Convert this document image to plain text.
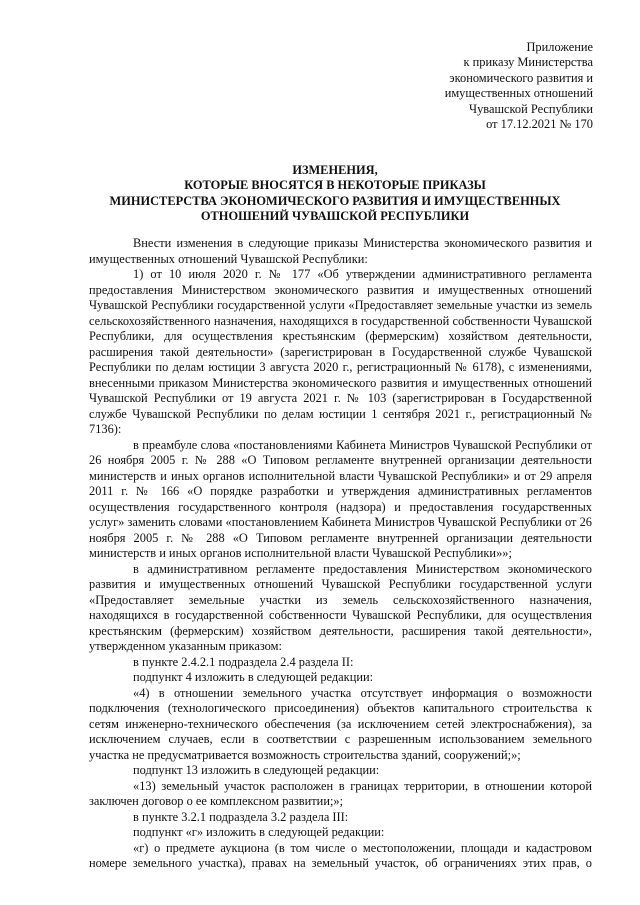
Приложение
к приказу Министерства
экономического развития и
имущественных отношений
Чувашской Республики
от 17.12.2021 № 170
ИЗМЕНЕНИЯ,
КОТОРЫЕ ВНОСЯТСЯ В НЕКОТОРЫЕ ПРИКАЗЫ
МИНИСТЕРСТВА ЭКОНОМИЧЕСКОГО РАЗВИТИЯ И ИМУЩЕСТВЕННЫХ
ОТНОШЕНИЙ ЧУВАШСКОЙ РЕСПУБЛИКИ

Внести изменения в следующие приказы Министерства экономического развития и имущественных отношений Чувашской Республики:

1) от 10 июля 2020 г. № 177 «Об утверждении административного регламента предоставления Министерством экономического развития и имущественных отношений Чувашской Республики государственной услуги «Предоставляет земельные участки из земель сельскохозяйственного назначения, находящихся в государственной собственности Чувашской Республики, для осуществления крестьянским (фермерским) хозяйством деятельности, расширения такой деятельности» (зарегистрирован в Государственной службе Чувашской Республики по делам юстиции 3 августа 2020 г., регистрационный № 6178), с изменениями, внесенными приказом Министерства экономического развития и имущественных отношений Чувашской Республики от 19 августа 2021 г. № 103 (зарегистрирован в Государственной службе Чувашской Республики по делам юстиции 1 сентября 2021 г., регистрационный № 7136):

в преамбуле слова «постановлениями Кабинета Министров Чувашской Республики от 26 ноября 2005 г. № 288 «О Типовом регламенте внутренней организации деятельности министерств и иных органов исполнительной власти Чувашской Республики» и от 29 апреля 2011 г. № 166 «О порядке разработки и утверждения административных регламентов осуществления государственного контроля (надзора) и предоставления государственных услуг» заменить словами «постановлением Кабинета Министров Чувашской Республики от 26 ноября 2005 г. № 288 «О Типовом регламенте внутренней организации деятельности министерств и иных органов исполнительной власти Чувашской Республики»»;

в административном регламенте предоставления Министерством экономического развития и имущественных отношений Чувашской Республики государственной услуги «Предоставляет земельные участки из земель сельскохозяйственного назначения, находящихся в государственной собственности Чувашской Республики, для осуществления крестьянским (фермерским) хозяйством деятельности, расширения такой деятельности», утвержденном указанным приказом:

в пункте 2.4.2.1 подраздела 2.4 раздела II:

подпункт 4 изложить в следующей редакции:

«4) в отношении земельного участка отсутствует информация о возможности подключения (технологического присоединения) объектов капитального строительства к сетям инженерно-технического обеспечения (за исключением сетей электроснабжения), за исключением случаев, если в соответствии с разрешенным использованием земельного участка не предусматривается возможность строительства зданий, сооружений;»;

подпункт 13 изложить в следующей редакции:

«13) земельный участок расположен в границах территории, в отношении которой заключен договор о ее комплексном развитии;»;

в пункте 3.2.1 подраздела 3.2 раздела III:

подпункт «г» изложить в следующей редакции:

«г) о предмете аукциона (в том числе о местоположении, площади и кадастровом номере земельного участка), правах на земельный участок, об ограничениях этих прав, о
